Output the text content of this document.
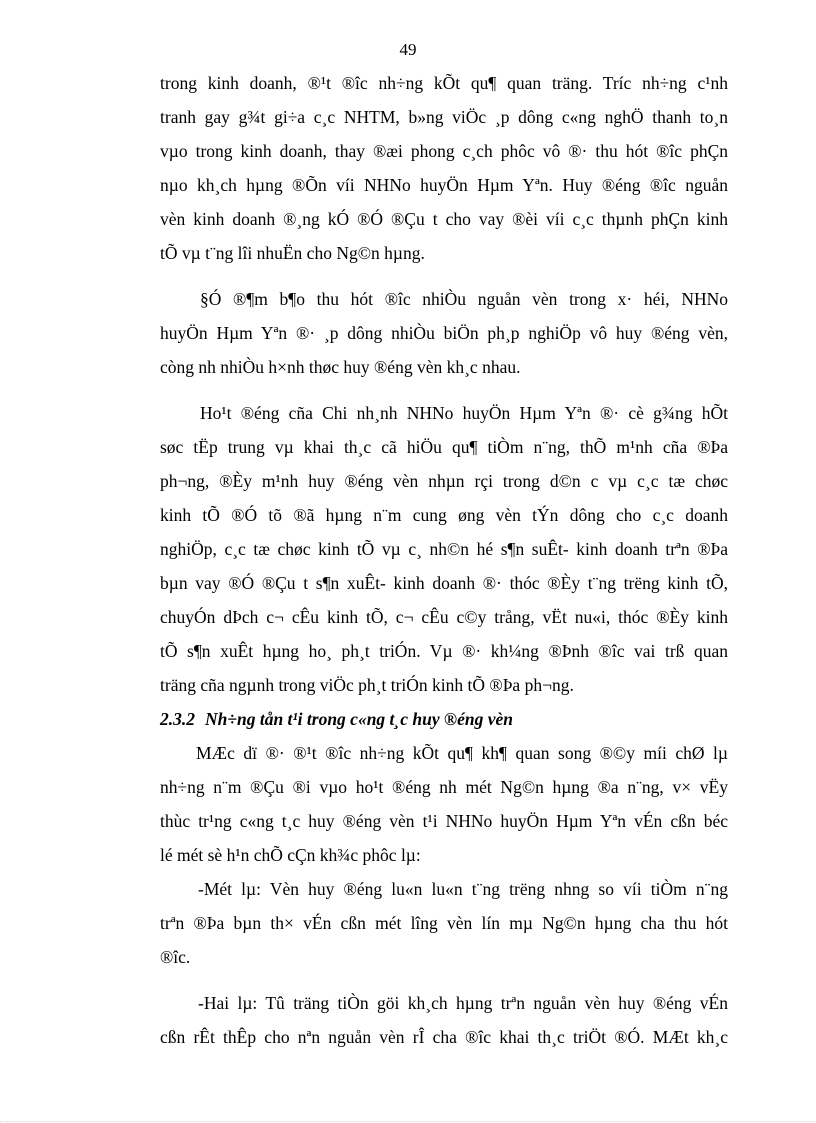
49

trong kinh doanh, ®¹t ®îc nh÷ng kÕt qu¶ quan träng. Tríc nh÷ng c¹nh

tranh gay g¾t gi÷a c¸c NHTM, b»ng viÖc ¸p dông c«ng nghÖ thanh to¸n

vµo trong kinh doanh, thay ®æi phong c¸ch phôc vô ®· thu hót ®îc phÇn

nµo kh¸ch hµng ®Õn víi NHNo huyÖn Hµm Yªn. Huy ®éng ®îc nguån

vèn kinh doanh ®¸ng kÓ ®Ó ®Çu t cho vay ®èi víi c¸c thµnh phÇn kinh

tÕ vµ t¨ng lîi nhuËn cho Ng©n hµng.

§Ó ®¶m b¶o thu hót ®îc nhiÒu nguån vèn trong x· héi, NHNo

huyÖn Hµm Yªn ®· ¸p dông nhiÒu biÖn ph¸p nghiÖp vô huy ®éng vèn,

còng nh nhiÒu h×nh thøc huy ®éng vèn kh¸c nhau.

Ho¹t ®éng cña Chi nh¸nh NHNo huyÖn Hµm Yªn ®· cè g¾ng hÕt

søc tËp trung vµ khai th¸c cã hiÖu qu¶ tiÒm n¨ng, thÕ m¹nh cña ®Þa

ph¬ng, ®Èy m¹nh huy ®éng vèn nhµn rçi trong d©n c vµ c¸c tæ chøc

kinh tÕ ®Ó tõ ®ã hµng n¨m cung øng vèn tÝn dông cho c¸c doanh

nghiÖp, c¸c tæ chøc kinh tÕ vµ c¸ nh©n hé s¶n suÊt- kinh doanh trªn ®Þa

bµn vay ®Ó ®Çu t s¶n xuÊt- kinh doanh ®· thóc ®Èy t¨ng trëng kinh tÕ,

chuyÓn dÞch c¬ cÊu kinh tÕ, c¬ cÊu c©y trång, vËt nu«i, thóc ®Èy kinh

tÕ s¶n xuÊt hµng ho¸ ph¸t triÓn. Vµ ®· kh¼ng ®Þnh ®îc vai trß quan

träng cña ngµnh trong viÖc ph¸t triÓn kinh tÕ ®Þa ph¬ng.

2.3.2 Nh÷ng tån t¹i trong c«ng t¸c huy ®éng vèn

MÆc dï ®· ®¹t ®îc nh÷ng kÕt qu¶ kh¶ quan song ®©y míi chØ lµ

nh÷ng n¨m ®Çu ®i vµo ho¹t ®éng nh mét Ng©n hµng ®a n¨ng, v× vËy

thùc tr¹ng c«ng t¸c huy ®éng vèn t¹i NHNo huyÖn Hµm Yªn vÉn cßn béc

lé mét sè h¹n chÕ cÇn kh¾c phôc lµ:

-Mét lµ: Vèn huy ®éng lu«n lu«n t¨ng trëng nhng so víi tiÒm n¨ng

trªn ®Þa bµn th× vÉn cßn mét lîng vèn lín mµ Ng©n hµng cha thu hót

®îc.

-Hai lµ: Tû träng tiÒn göi kh¸ch hµng trªn nguån vèn huy ®éng vÉn

cßn rÊt thÊp cho nªn nguån vèn rÎ cha ®îc khai th¸c triÖt ®Ó. MÆt kh¸c
